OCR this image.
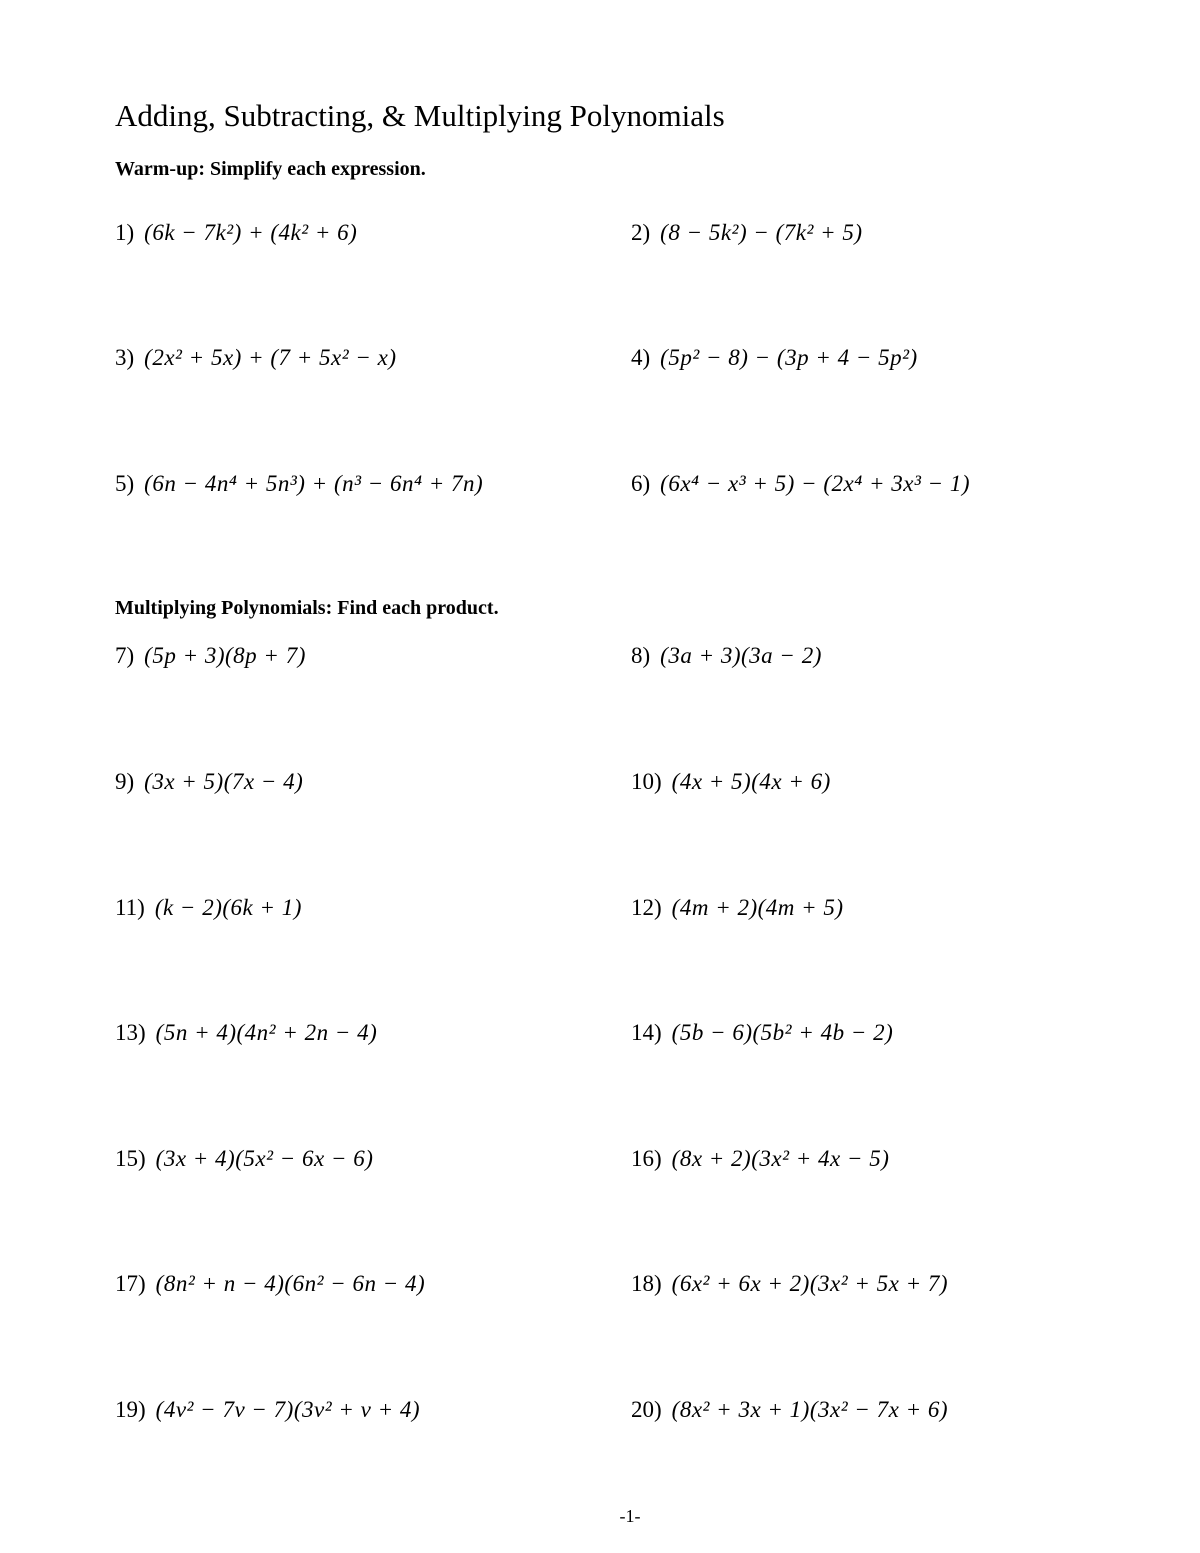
Adding, Subtracting, & Multiplying Polynomials
Warm-up: Simplify each expression.
1) (6k − 7k²) + (4k² + 6)	2) (8 − 5k²) − (7k² + 5)
3) (2x² + 5x) + (7 + 5x² − x)	4) (5p² − 8) − (3p + 4 − 5p²)
5) (6n − 4n⁴ + 5n³) + (n³ − 6n⁴ + 7n)	6) (6x⁴ − x³ + 5) − (2x⁴ + 3x³ − 1)
Multiplying Polynomials: Find each product.
7) (5p + 3)(8p + 7)	8) (3a + 3)(3a − 2)
9) (3x + 5)(7x − 4)	10) (4x + 5)(4x + 6)
11) (k − 2)(6k + 1)	12) (4m + 2)(4m + 5)
13) (5n + 4)(4n² + 2n − 4)	14) (5b − 6)(5b² + 4b − 2)
15) (3x + 4)(5x² − 6x − 6)	16) (8x + 2)(3x² + 4x − 5)
17) (8n² + n − 4)(6n² − 6n − 4)	18) (6x² + 6x + 2)(3x² + 5x + 7)
19) (4v² − 7v − 7)(3v² + v + 4)	20) (8x² + 3x + 1)(3x² − 7x + 6)
-1-
